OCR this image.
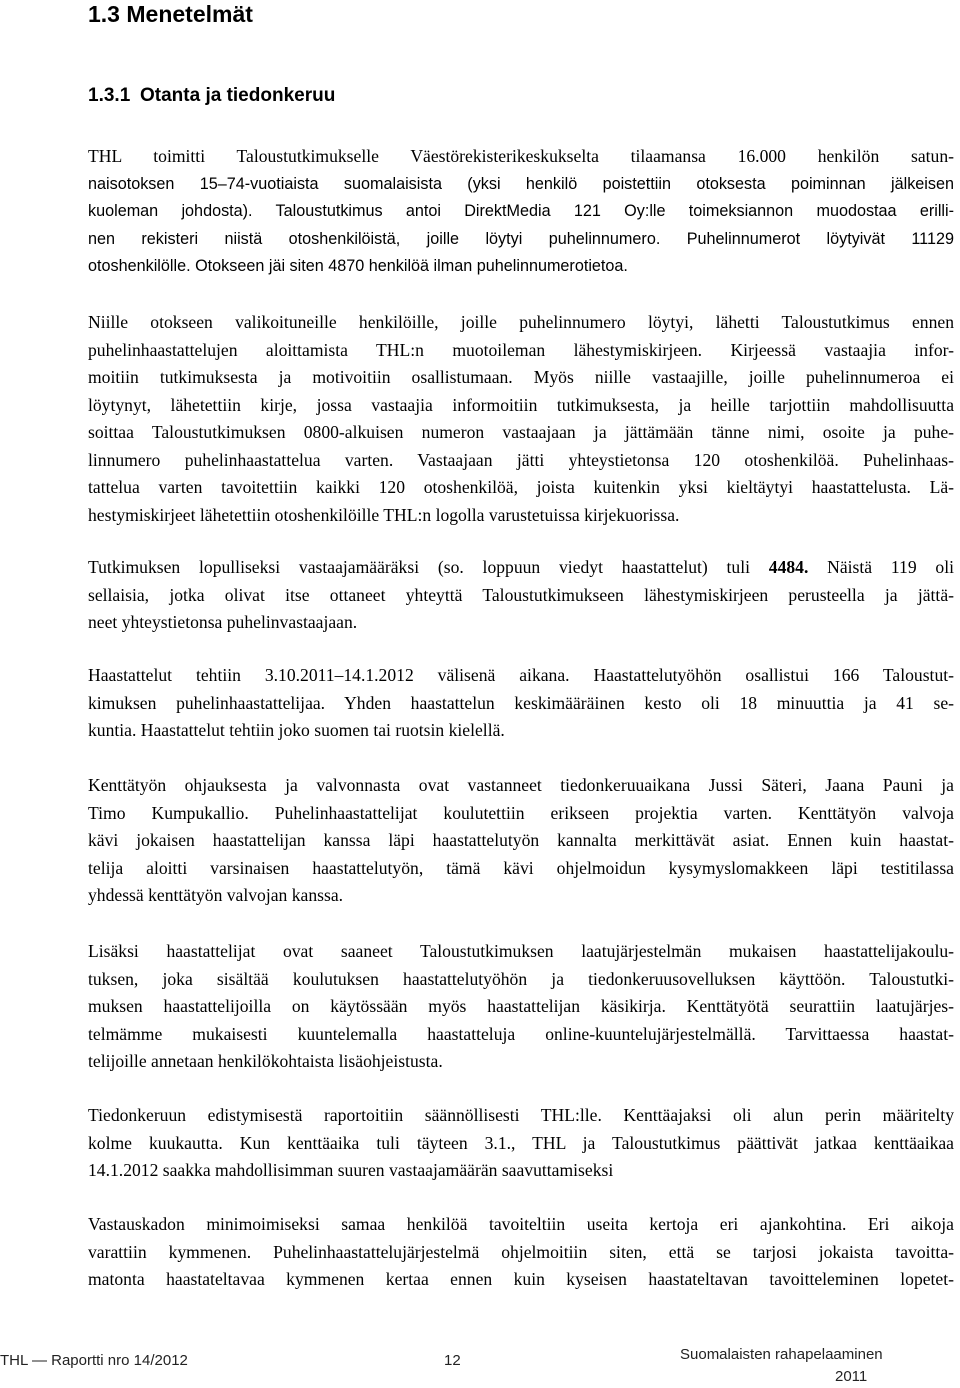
1.3 Menetelmät
1.3.1 Otanta ja tiedonkeruu
THL toimitti Taloustutkimukselle Väestörekisterikeskukselta tilaamansa 16.000 henkilön satun-
naisotoksen 15–74-vuotiaista suomalaisista (yksi henkilö poistettiin otoksesta poiminnan jälkeisen
kuoleman johdosta). Taloustutkimus antoi DirektMedia 121 Oy:lle toimeksiannon muodostaa erilli-
nen rekisteri niistä otoshenkilöistä, joille löytyi puhelinnumero. Puhelinnumerot löytyivät 11129
otoshenkilölle. Otokseen jäi siten 4870 henkilöä ilman puhelinnumerotietoa.
Niille otokseen valikoituneille henkilöille, joille puhelinnumero löytyi, lähetti Taloustutkimus ennen
puhelinhaastattelujen aloittamista THL:n muotoilеman lähestymiskirjeen. Kirjeessä vastaajia infor-
moitiin tutkimuksesta ja motivoitiin osallistumaan. Myös niille vastaajille, joille puhelinnumeroa ei
löytynyt, lähetettiin kirje, jossa vastaajia informoitiin tutkimuksesta, ja heille tarjottiin mahdollisuutta
soittaa Taloustutkimuksen 0800-alkuisen numeron vastaajaan ja jättämään tänne nimi, osoite ja puhe-
linnumero puhelinhaastattelua varten. Vastaajaan jätti yhteystietonsa 120 otoshenkilöä. Puhelinhaas-
tattelua varten tavoitettiin kaikki 120 otoshenkilöä, joista kuitenkin yksi kieltäytyi haastattelusta. Lä-
hestymiskirjeet lähetettiin otoshenkilöille THL:n logolla varustetuissa kirjekuorissa.
Tutkimuksen lopulliseksi vastaajamääräksi (so. loppuun viedyt haastattelut) tuli 4484. Näistä 119 oli
sellaisia, jotka olivat itse ottaneet yhteyttä Taloustutkimukseen lähestymiskirjeen perusteella ja jättä-
neet yhteystietonsa puhelinvastaajaan.
Haastattelut tehtiin 3.10.2011–14.1.2012 välisenä aikana. Haastattelutyöhön osallistui 166 Taloustut-
kimuksen puhelinhaastattelijaa. Yhden haastattelun keskimääräinen kesto oli 18 minuuttia ja 41 se-
kuntia. Haastattelut tehtiin joko suomen tai ruotsin kielellä.
Kenttätyön ohjauksesta ja valvonnasta ovat vastanneet tiedonkeruuaikana Jussi Säteri, Jaana Pauni ja
Timo Kumpukallio. Puhelinhaastattelijat koulutettiin erikseen projektia varten. Kenttätyön valvoja
kävi jokaisen haastattelijan kanssa läpi haastattelutyön kannalta merkittävät asiat. Ennen kuin haastat-
telija aloitti varsinaisen haastattelutyön, tämä kävi ohjelmoidun kysymyslomakkeen läpi testitilassa
yhdessä kenttätyön valvojan kanssa.
Lisäksi haastattelijat ovat saaneet Taloustutkimuksen laatujärjestelmän mukaisen haastattelijakoulu-
tuksen, joka sisältää koulutuksen haastattelutyöhön ja tiedonkeruusovelluksen käyttöön. Taloustutki-
muksen haastattelijoilla on käytössään myös haastattelijan käsikirja. Kenttätyötä seurattiin laatujärjes-
telmämme mukaisesti kuuntelemalla haastatteluja online-kuuntelujärjestelmällä. Tarvittaessa haastat-
telijoille annetaan henkilökohtaista lisäohjeistusta.
Tiedonkeruun edistymisestä raportoitiin säännöllisesti THL:lle. Kenttäajaksi oli alun perin määritelty
kolme kuukautta. Kun kenttäaika tuli täyteen 3.1., THL ja Taloustutkimus päättivät jatkaa kenttäaikaa
14.1.2012 saakka mahdollisimman suuren vastaajamäärän saavuttamiseksi
Vastauskadon minimoimiseksi samaa henkilöä tavoiteltiin useita kertoja eri ajankohtina. Eri aikoja
varattiin kymmenen. Puhelinhaastattelujärjestelmä ohjelmoitiin siten, että se tarjosi jokaista tavoitta-
matonta haastateltavaa kymmenen kertaa ennen kuin kyseisen haastateltavan tavoitteleminen lopetet-
THL — Raportti nro 14/2012	12	Suomalaisten rahapelaaminen
2011
